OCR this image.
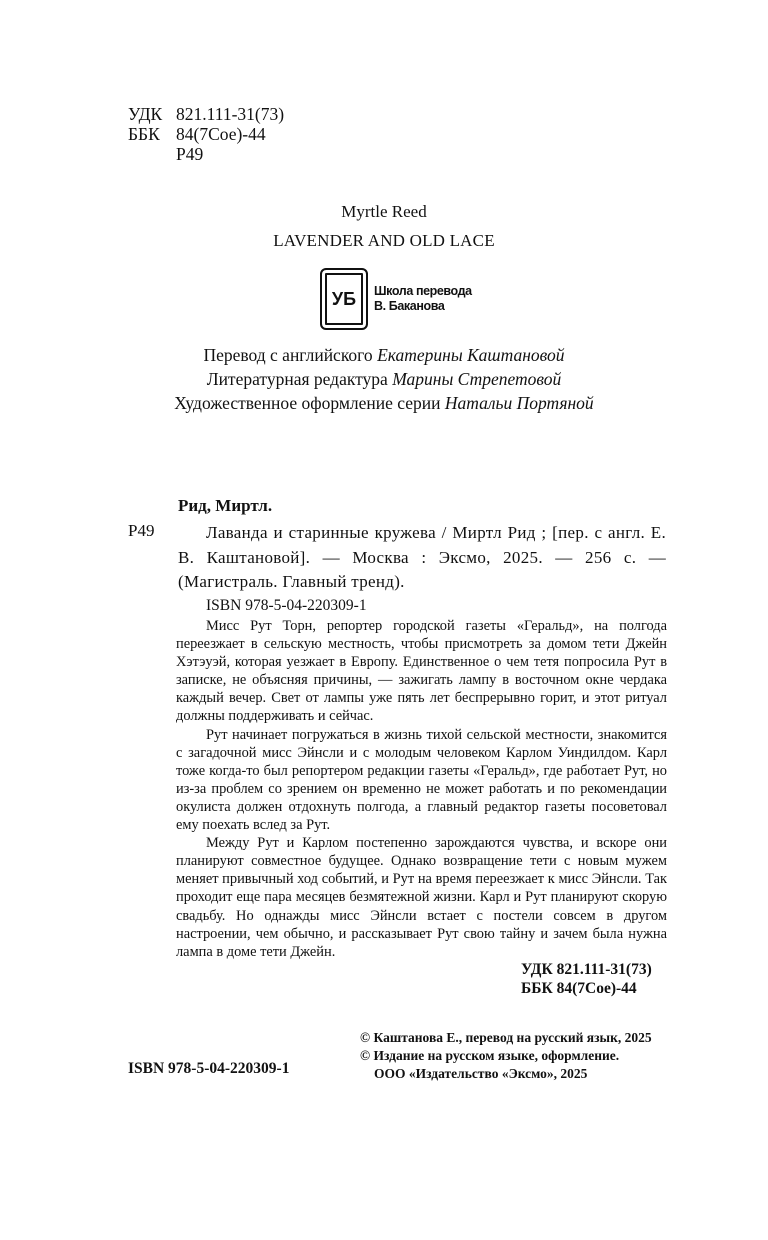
УДК 821.111-31(73)
ББК 84(7Сое)-44
Р49
Myrtle Reed
LAVENDER AND OLD LACE
УБ	Школа перевода
В. Баканова
Перевод с английского Екатерины Каштановой
Литературная редактура Марины Стрепетовой
Художественное оформление серии Натальи Портяной
Рид, Миртл.
Р49	Лаванда и старинные кружева / Миртл Рид ; [пер. с англ. Е. В. Каштановой]. — Москва : Эксмо, 2025. — 256 с. — (Магистраль. Главный тренд).
ISBN 978-5-04-220309-1

Мисс Рут Торн, репортер городской газеты «Геральд», на полгода переезжает в сельскую местность, чтобы присмотреть за домом тети Джейн Хэтэуэй, которая уезжает в Европу. Единственное о чем тетя попросила Рут в записке, не объясняя причины, — зажигать лампу в восточном окне чердака каждый вечер. Свет от лампы уже пять лет беспрерывно горит, и этот ритуал должны поддерживать и сейчас.

Рут начинает погружаться в жизнь тихой сельской местности, знакомится с загадочной мисс Эйнсли и с молодым человеком Карлом Уиндилдом. Карл тоже когда-то был репортером редакции газеты «Геральд», где работает Рут, но из-за проблем со зрением он временно не может работать и по рекомендации окулиста должен отдохнуть полгода, а главный редактор газеты посоветовал ему поехать вслед за Рут.

Между Рут и Карлом постепенно зарождаются чувства, и вскоре они планируют совместное будущее. Однако возвращение тети с новым мужем меняет привычный ход событий, и Рут на время переезжает к мисс Эйнсли. Так проходит еще пара месяцев безмятежной жизни. Карл и Рут планируют скорую свадьбу. Но однажды мисс Эйнсли встает с постели совсем в другом настроении, чем обычно, и рассказывает Рут свою тайну и зачем была нужна лампа в доме тети Джейн.

УДК 821.111-31(73)
ББК 84(7Сое)-44
© Каштанова Е., перевод на русский язык, 2025
© Издание на русском языке, оформление.
ООО «Издательство «Эксмо», 2025
ISBN 978-5-04-220309-1
